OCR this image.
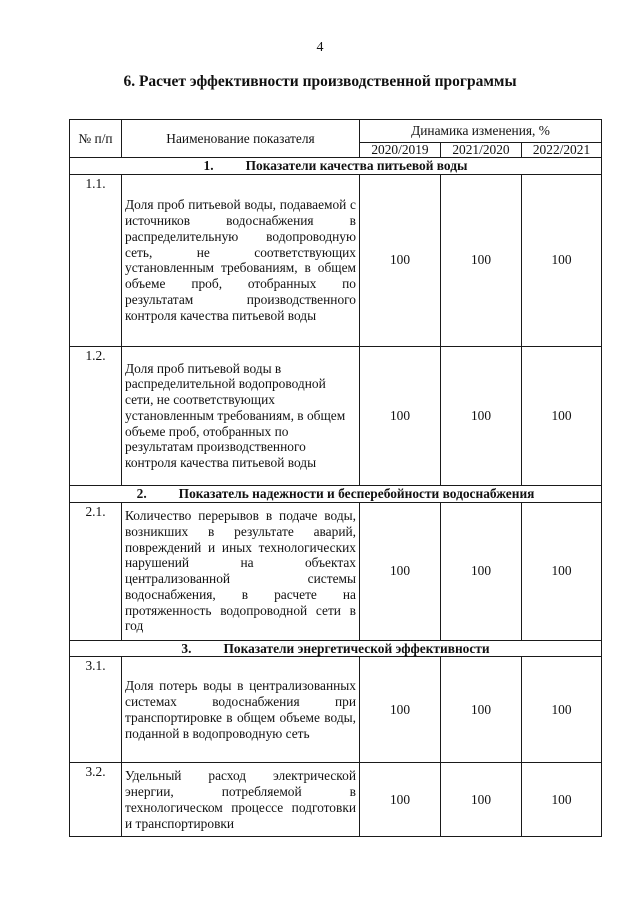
4
6. Расчет эффективности производственной программы
№ п/п	Наименование показателя	Динамика изменения, %		
		2020/2019	2021/2020	2022/2021
1. Показатели качества питьевой воды				
1.1.	Доля проб питьевой воды, подаваемой с источников водоснабжения в распределительную водопроводную сеть, не соответствующих установленным требованиям, в общем объеме проб, отобранных по результатам производственного контроля качества питьевой воды	100	100	100
1.2.	Доля проб питьевой воды в распределительной водопроводной сети, не соответствующих установленным требованиям, в общем объеме проб, отобранных по результатам производственного контроля качества питьевой воды	100	100	100
2. Показатель надежности и бесперебойности водоснабжения				
2.1.	Количество перерывов в подаче воды, возникших в результате аварий, повреждений и иных технологических нарушений на объектах централизованной системы водоснабжения, в расчете на протяженность водопроводной сети в год	100	100	100
3. Показатели энергетической эффективности				
3.1.	Доля потерь воды в централизованных системах водоснабжения при транспортировке в общем объеме воды, поданной в водопроводную сеть	100	100	100
3.2.	Удельный расход электрической энергии, потребляемой в технологическом процессе подготовки и транспортировки	100	100	100
